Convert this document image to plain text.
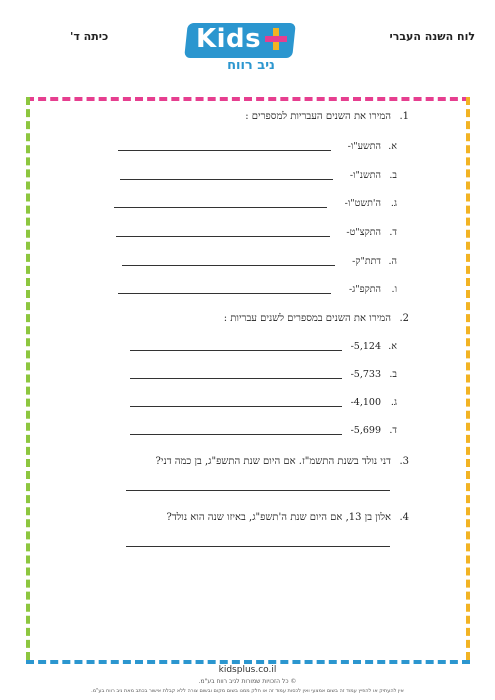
לוח השנה העברי
כיתה ד'	Kids
ניב רווח
1.המירו את השנים העבריות למספרים :
א.התשע"ו-
ב.התשנ"ו-
ג.ה'תשט"ו-
ד.התקצ"ט-
ה.דתת"ק-
ו.התקפ"ג-
2.המירו את השנים במספרים לשנים עבריות :
א.5,124-
ב.5,733-
ג.4,100-
ד.5,699-
3.דני נולד בשנת התשמ"ז. אם היום שנת התשפ"ג, בן כמה דני?
4.אלון בן 13, אם היום שנת ה'תשפ"ג, באיזו שנה הוא נולד?
kidsplus.co.il
© כל הזכויות שמורות לניב רווח בע"מ.
אין להעתיק או להפיץ עמוד זה בשום אמצעי ואין לכסות עמוד זה או חלק ממנו בשום מקום ובשום צורה ללא קבלת אישור בכתב מאת ניב רווח בע"מ.
